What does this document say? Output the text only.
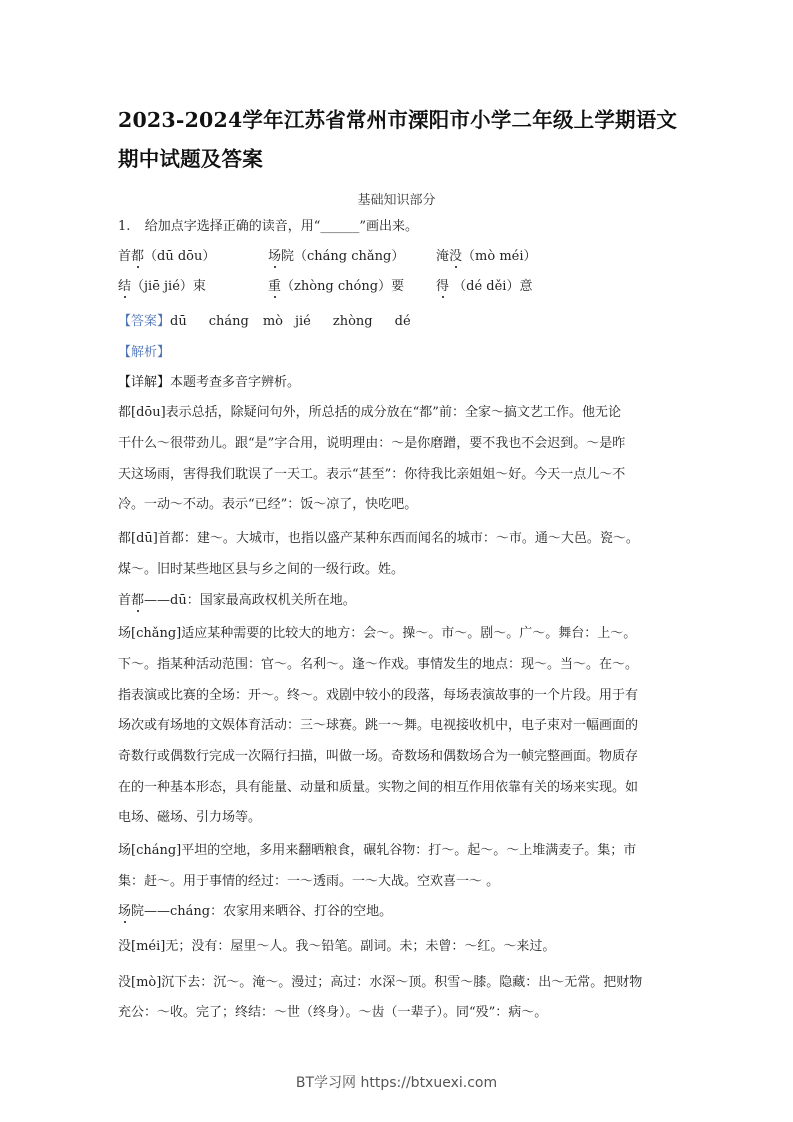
2023-2024学年江苏省常州市溧阳市小学二年级上学期语文
期中试题及答案
基础知识部分
1. 给加点字选择正确的读音，用“______”画出来。
首都（dū dōu）	场院（cháng chǎng） 淹没（mò méi）
结（jiē jié）束	重（zhòng chóng）要 得 （dé děi）意
【答案】dū cháng mò jié zhòng dé
【解析】
【详解】本题考查多音字辨析。
都[dōu]表示总括，除疑问句外，所总括的成分放在“都”前：全家～搞文艺工作。他无论
干什么～很带劲儿。跟“是”字合用，说明理由：～是你磨蹭，要不我也不会迟到。～是昨
天这场雨，害得我们耽误了一天工。表示“甚至”：你待我比亲姐姐～好。今天一点儿～不
冷。一动～不动。表示“已经”：饭～凉了，快吃吧。
都[dū]首都：建～。大城市，也指以盛产某种东西而闻名的城市：～市。通～大邑。瓷～。
煤～。旧时某些地区县与乡之间的一级行政。姓。
首都——dū：国家最高政权机关所在地。
场[chǎng]适应某种需要的比较大的地方：会～。操～。市～。剧～。广～。舞台：上～。
下～。指某种活动范围：官～。名利～。逢～作戏。事情发生的地点：现～。当～。在～。
指表演或比赛的全场：开～。终～。戏剧中较小的段落，每场表演故事的一个片段。用于有
场次或有场地的文娱体育活动：三～球赛。跳一～舞。电视接收机中，电子束对一幅画面的
奇数行或偶数行完成一次隔行扫描，叫做一场。奇数场和偶数场合为一帧完整画面。物质存
在的一种基本形态，具有能量、动量和质量。实物之间的相互作用依靠有关的场来实现。如
电场、磁场、引力场等。
场[cháng]平坦的空地，多用来翻晒粮食，碾轧谷物：打～。起～。～上堆满麦子。集；市
集：赶～。用于事情的经过：一～透雨。一～大战。空欢喜一～ 。
场院——cháng：农家用来晒谷、打谷的空地。
没[méi]无；没有：屋里～人。我～铅笔。副词。未；未曾：～红。～来过。
没[mò]沉下去：沉～。淹～。漫过；高过：水深～顶。积雪～膝。隐藏：出～无常。把财物
充公：～收。完了；终结：～世（终身）。～齿（一辈子）。同“殁”：病～。
BT学习网 https://btxuexi.com
